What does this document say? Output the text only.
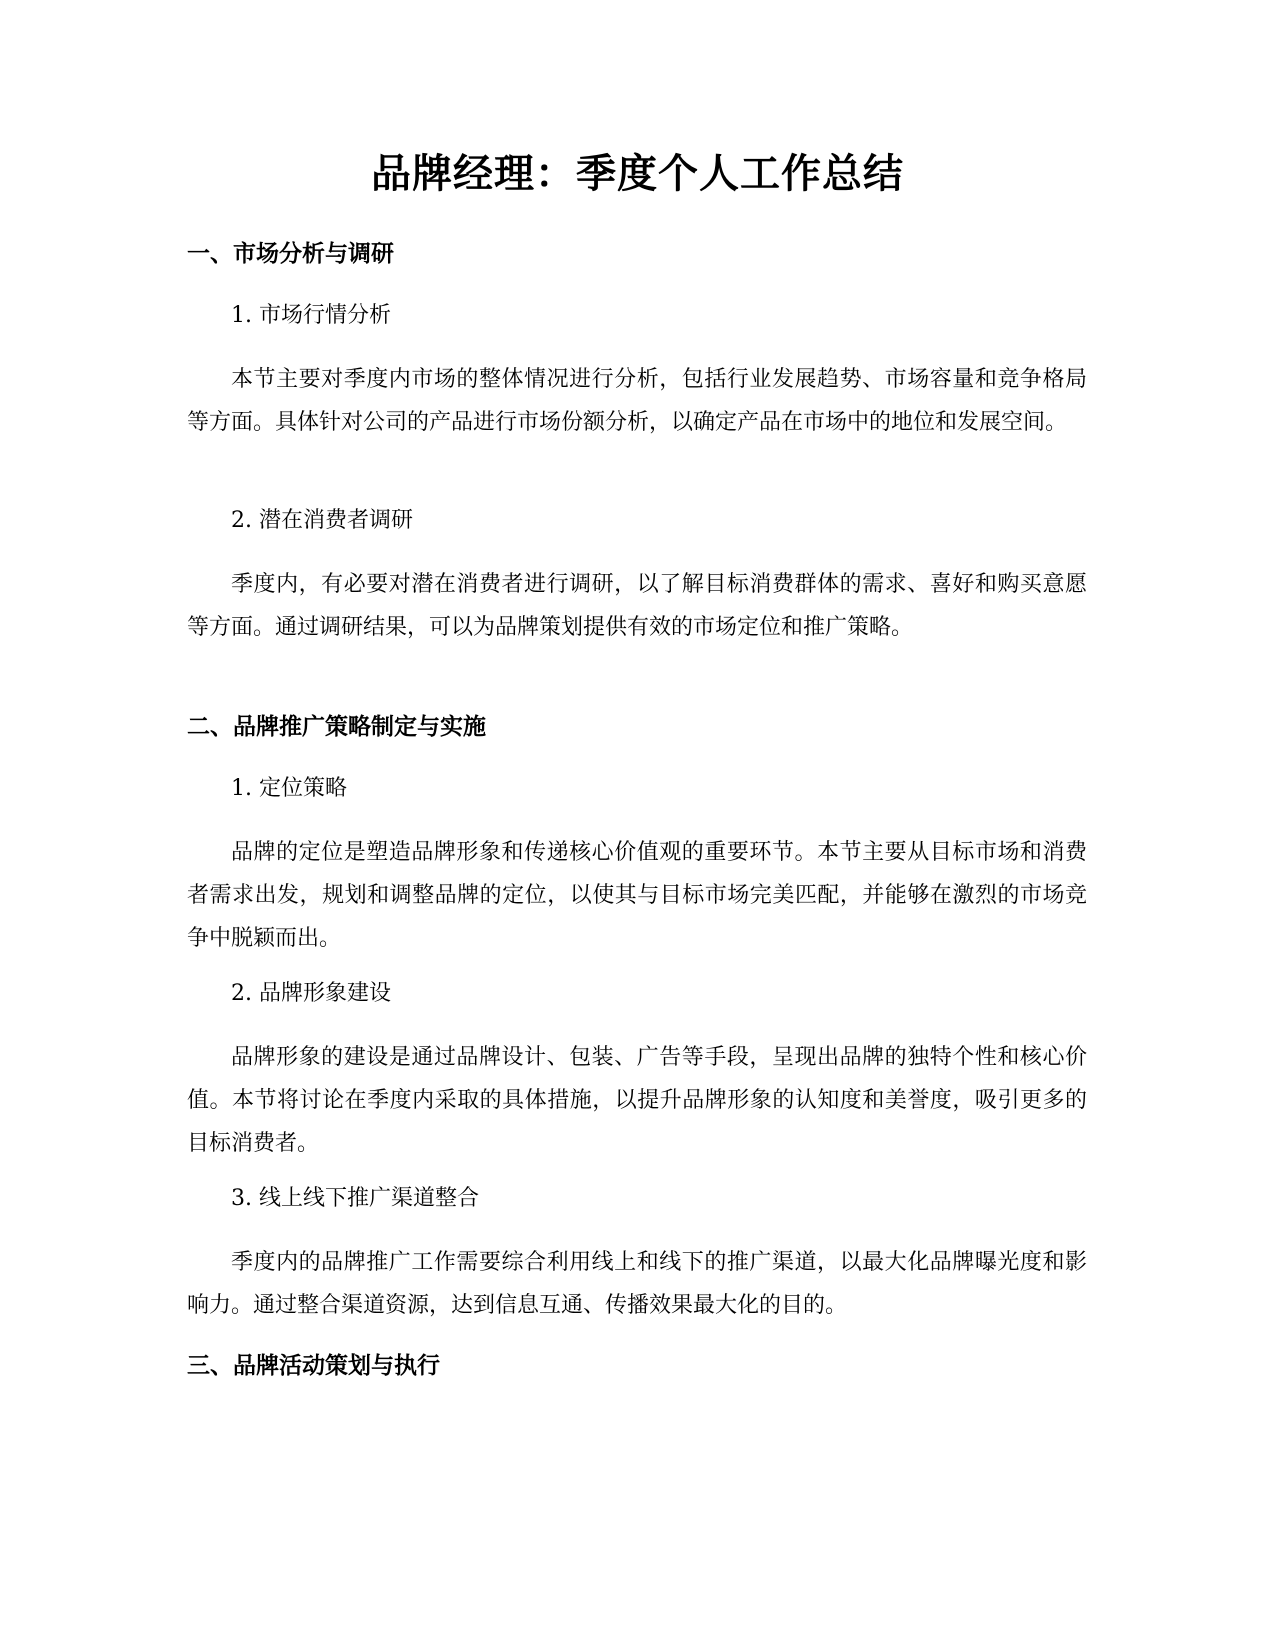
品牌经理：季度个人工作总结
一、市场分析与调研
1. 市场行情分析
本节主要对季度内市场的整体情况进行分析，包括行业发展趋势、市场容量和竞争格局等方面。具体针对公司的产品进行市场份额分析，以确定产品在市场中的地位和发展空间。
2. 潜在消费者调研
季度内，有必要对潜在消费者进行调研，以了解目标消费群体的需求、喜好和购买意愿等方面。通过调研结果，可以为品牌策划提供有效的市场定位和推广策略。
二、品牌推广策略制定与实施
1. 定位策略
品牌的定位是塑造品牌形象和传递核心价值观的重要环节。本节主要从目标市场和消费者需求出发，规划和调整品牌的定位，以使其与目标市场完美匹配，并能够在激烈的市场竞争中脱颖而出。
2. 品牌形象建设
品牌形象的建设是通过品牌设计、包装、广告等手段，呈现出品牌的独特个性和核心价值。本节将讨论在季度内采取的具体措施，以提升品牌形象的认知度和美誉度，吸引更多的目标消费者。
3. 线上线下推广渠道整合
季度内的品牌推广工作需要综合利用线上和线下的推广渠道，以最大化品牌曝光度和影响力。通过整合渠道资源，达到信息互通、传播效果最大化的目的。
三、品牌活动策划与执行
